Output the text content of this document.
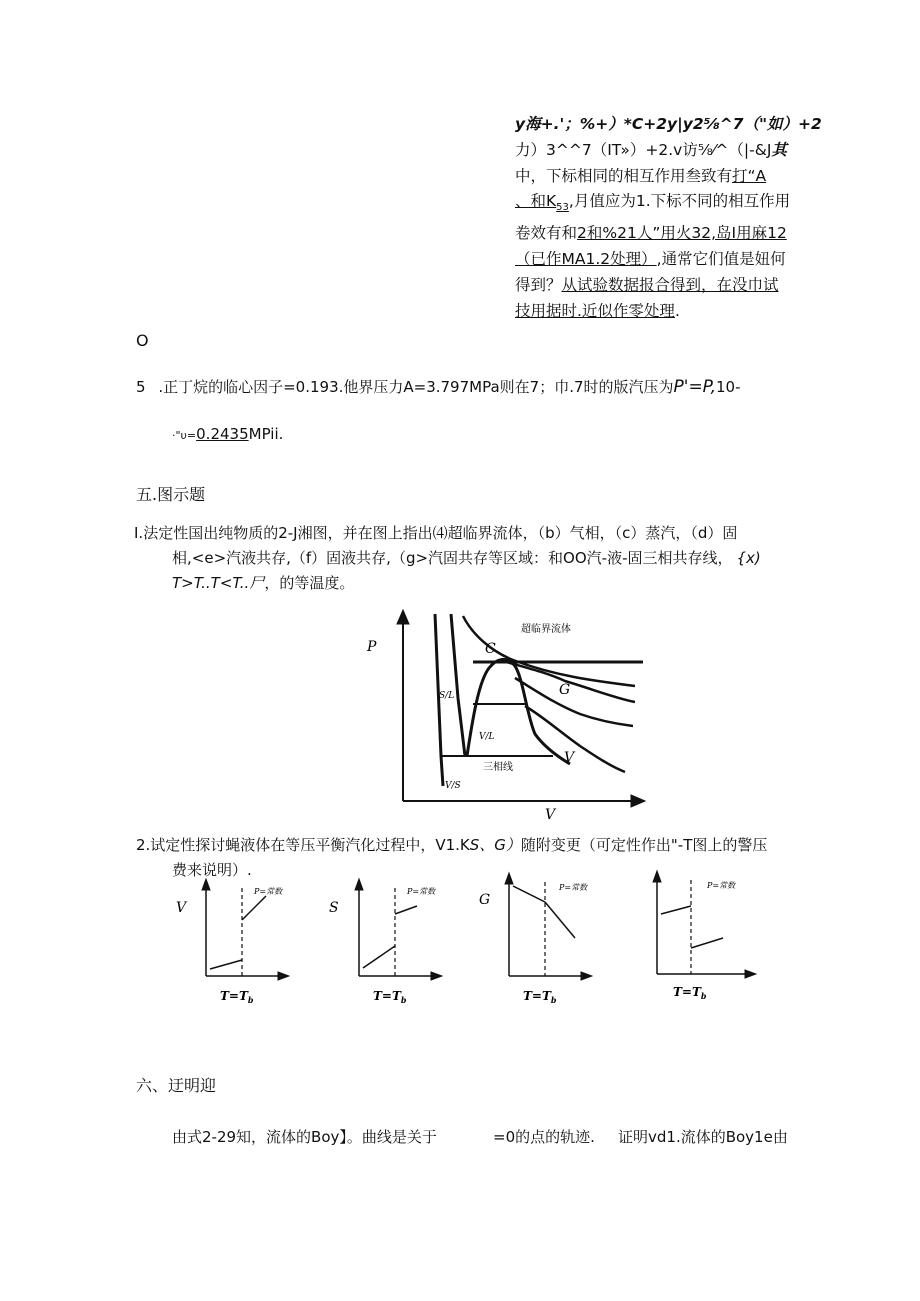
y海+.'；%+）*C+2y|y2⅝^7（"如）+2
力）3^^7（IT»）+2.v访⅝⁄^（|-&J其
中，下标相同的相互作用叁致有打“A
、和$K_{53}$,月值应为1.下标不同的相互作用
卷效有和2和%21人”用火32,岛I用麻12
（已作MA1.2处理）,通常它们值是妞何
得到？从试验数据报合得到，在没巾试
技用据时.近似作零处理.
O
5 .正丁烷的临心因子=0.193.他界压力A=3.797MPa则在7；巾.7时的版汽压为P'=P,10-
·"υ=0.2435MPii.
五.图示题
I.法定性国出纯物质的2-J湘图，并在图上指出⑷超临界流体，（b）气相，（c）蒸汽，（d）固
相,<e>汽液共存,（f）固液共存,（g>汽固共存等区域：和OO汽-液-固三相共存线， {x)
T>T..T<T..尸，的等温度。
P
V
超临界流体
C
G
V
S/L
V/L
V/S
三相线
2.试定性探讨蝇液体在等压平衡汽化过程中，V1.KS、G）随附变更（可定性作出"-T图上的警压
费来说明）.
V
P=常数
$T=T_b$
S
P=常数
$T=T_b$
G
P=常数
$T=T_b$
P=常数
$T=T_b$
六、迂明迎
由式2-29知，流体的Boy】。曲线是关于	=0的点的轨迹. 证明vd1.流体的Boy1e由
